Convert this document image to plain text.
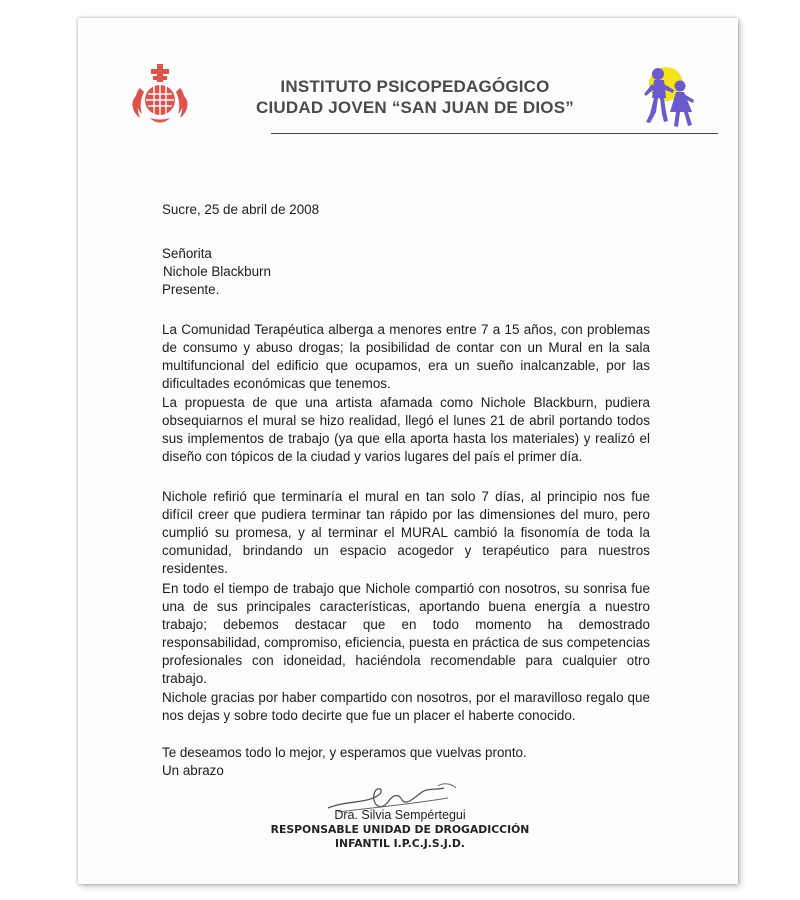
INSTITUTO PSICOPEDAGÓGICO
CIUDAD JOVEN “SAN JUAN DE DIOS”
Sucre, 25 de abril de 2008
Señorita
Nichole Blackburn
Presente.
La Comunidad Terapéutica alberga a menores entre 7 a 15 años, con problemas de consumo y abuso drogas; la posibilidad de contar con un Mural en la sala multifuncional del edificio que ocupamos, era un sueño inalcanzable, por las dificultades económicas que tenemos.
La propuesta de que una artista afamada como Nichole Blackburn, pudiera obsequiarnos el mural se hizo realidad, llegó el lunes 21 de abril portando todos sus implementos de trabajo (ya que ella aporta hasta los materiales) y realizó el diseño con tópicos de la ciudad y varios lugares del país el primer día.
Nichole refirió que terminaría el mural en tan solo 7 días, al principio nos fue difícil creer que pudiera terminar tan rápido por las dimensiones del muro, pero cumplió su promesa, y al terminar el MURAL cambió la fisonomía de toda la comunidad, brindando un espacio acogedor y terapéutico para nuestros residentes.
En todo el tiempo de trabajo que Nichole compartió con nosotros, su sonrisa fue una de sus principales características, aportando buena energía a nuestro trabajo; debemos destacar que en todo momento ha demostrado responsabilidad, compromiso, eficiencia, puesta en práctica de sus competencias profesionales con idoneidad, haciéndola recomendable para cualquier otro trabajo.
Nichole gracias por haber compartido con nosotros, por el maravilloso regalo que nos dejas y sobre todo decirte que fue un placer el haberte conocido.
Te deseamos todo lo mejor, y esperamos que vuelvas pronto.
Un abrazo
Dra. Silvia Sempértegui
RESPONSABLE UNIDAD DE DROGADICCIÓN
INFANTIL I.P.C.J.S.J.D.
